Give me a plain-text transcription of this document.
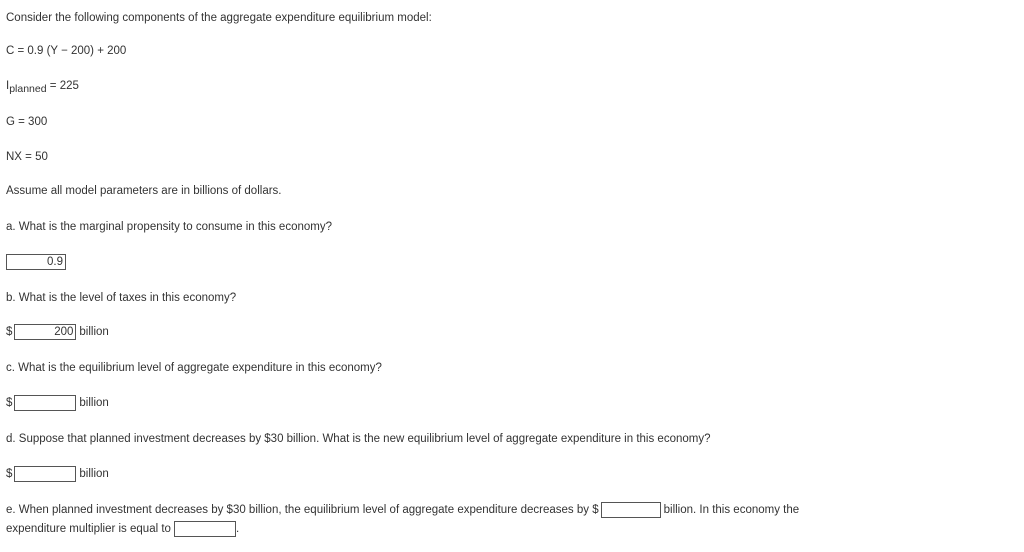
Consider the following components of the aggregate expenditure equilibrium model:
C = 0.9 (Y − 200) + 200
Iplanned = 225
G = 300
NX = 50
Assume all model parameters are in billions of dollars.
a. What is the marginal propensity to consume in this economy?
0.9
b. What is the level of taxes in this economy?
$200	billion
c. What is the equilibrium level of aggregate expenditure in this economy?
$	billion
d. Suppose that planned investment decreases by $30 billion. What is the new equilibrium level of aggregate expenditure in this economy?
$	billion
e. When planned investment decreases by $30 billion, the equilibrium level of aggregate expenditure decreases by $	billion. In this economy the
expenditure multiplier is equal to	.
